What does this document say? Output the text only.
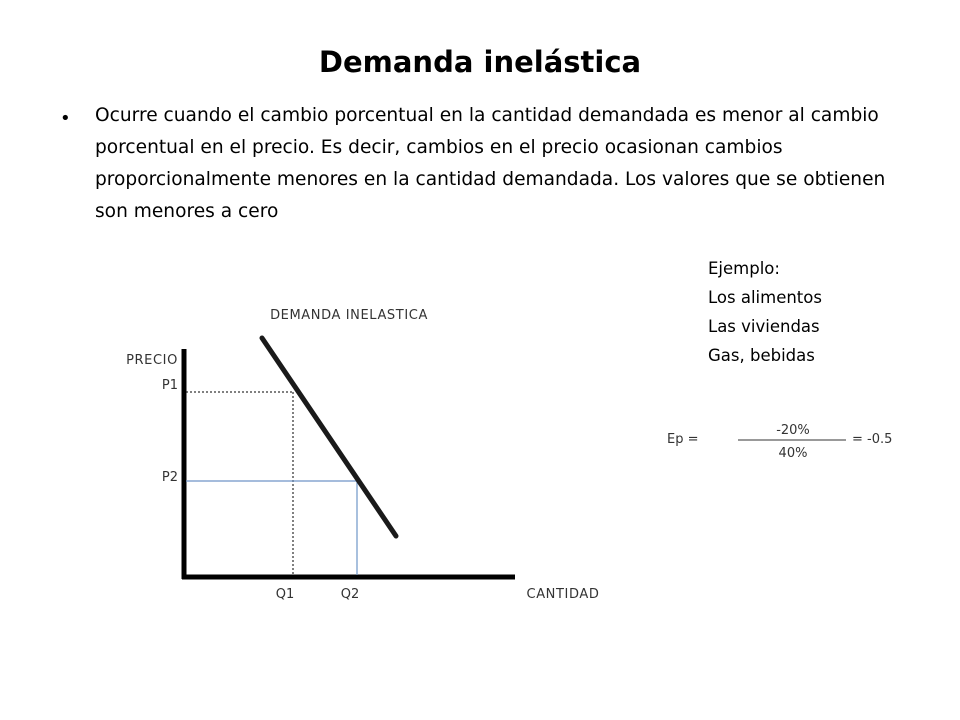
Demanda inelástica
• Ocurre cuando el cambio porcentual en la cantidad demandada es menor al cambio porcentual en el precio. Es decir, cambios en el precio ocasionan cambios proporcionalmente menores en la cantidad demandada. Los valores que se obtienen son menores a cero

Ejemplo:
Los alimentos
Las viviendas
Gas, bebidas
DEMANDA INELASTICA
PRECIO
CANTIDAD
P1
P2
Q1	Q2
Ep =
-20%
40%
= -0.5
